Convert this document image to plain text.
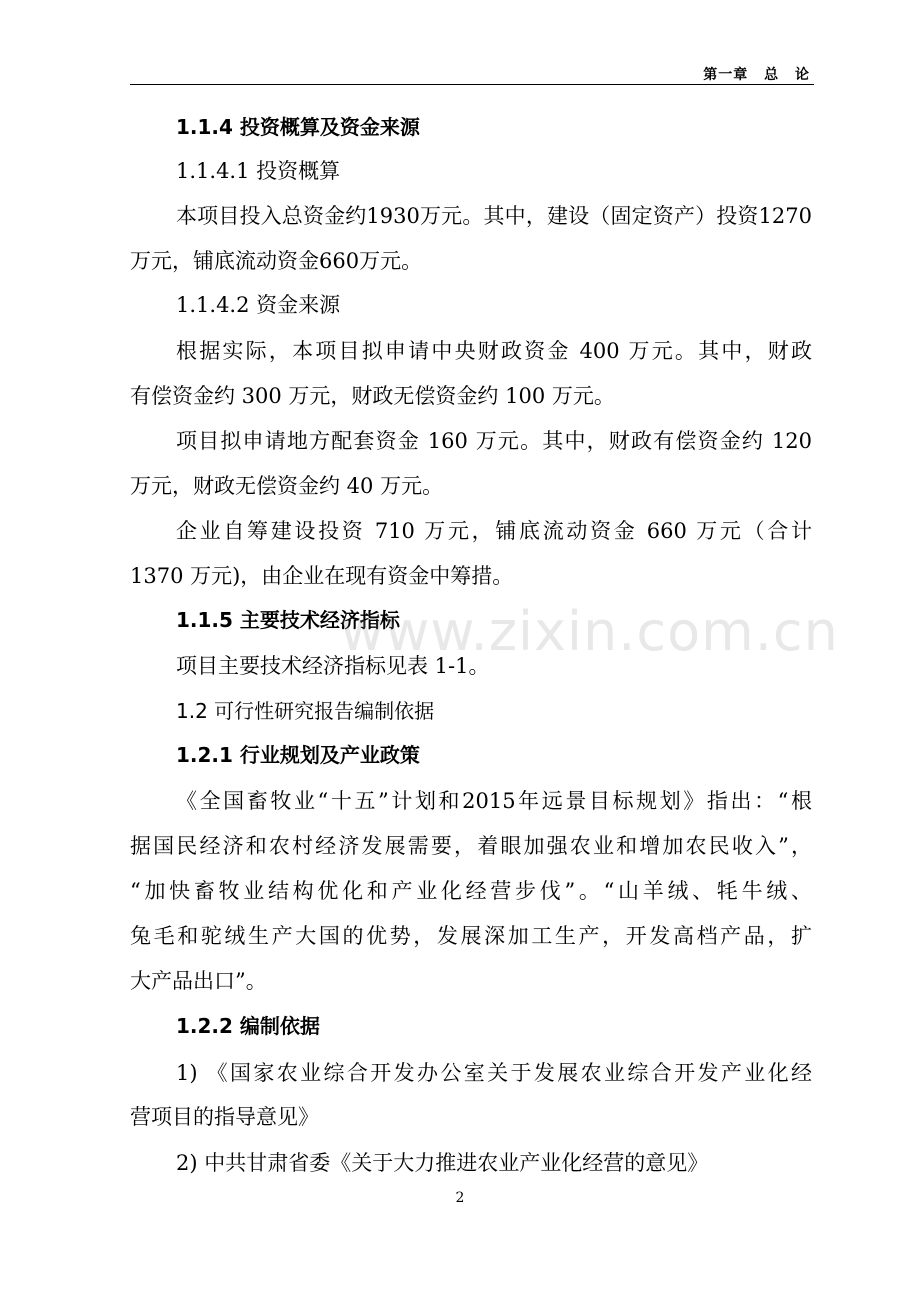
第一章 总 论
1.1.4 投资概算及资金来源
1.1.4.1 投资概算
本项目投入总资金约1930万元。其中，建设（固定资产）投资1270
万元，铺底流动资金660万元。
1.1.4.2 资金来源
根据实际，本项目拟申请中央财政资金 400 万元。其中，财政
有偿资金约 300 万元，财政无偿资金约 100 万元。
项目拟申请地方配套资金 160 万元。其中，财政有偿资金约 120
万元，财政无偿资金约 40 万元。
企业自筹建设投资 710 万元，铺底流动资金 660 万元（合计
1370 万元)，由企业在现有资金中筹措。
1.1.5 主要技术经济指标
项目主要技术经济指标见表 1-1。
1.2 可行性研究报告编制依据
1.2.1 行业规划及产业政策
《全国畜牧业“十五”计划和2015年远景目标规划》指出：“根
据国民经济和农村经济发展需要，着眼加强农业和增加农民收入”，
“加快畜牧业结构优化和产业化经营步伐”。“山羊绒、牦牛绒、
兔毛和驼绒生产大国的优势，发展深加工生产，开发高档产品，扩
大产品出口”。
1.2.2 编制依据
1) 《国家农业综合开发办公室关于发展农业综合开发产业化经
营项目的指导意见》
2) 中共甘肃省委《关于大力推进农业产业化经营的意见》
www.zixin.com.cn
2
